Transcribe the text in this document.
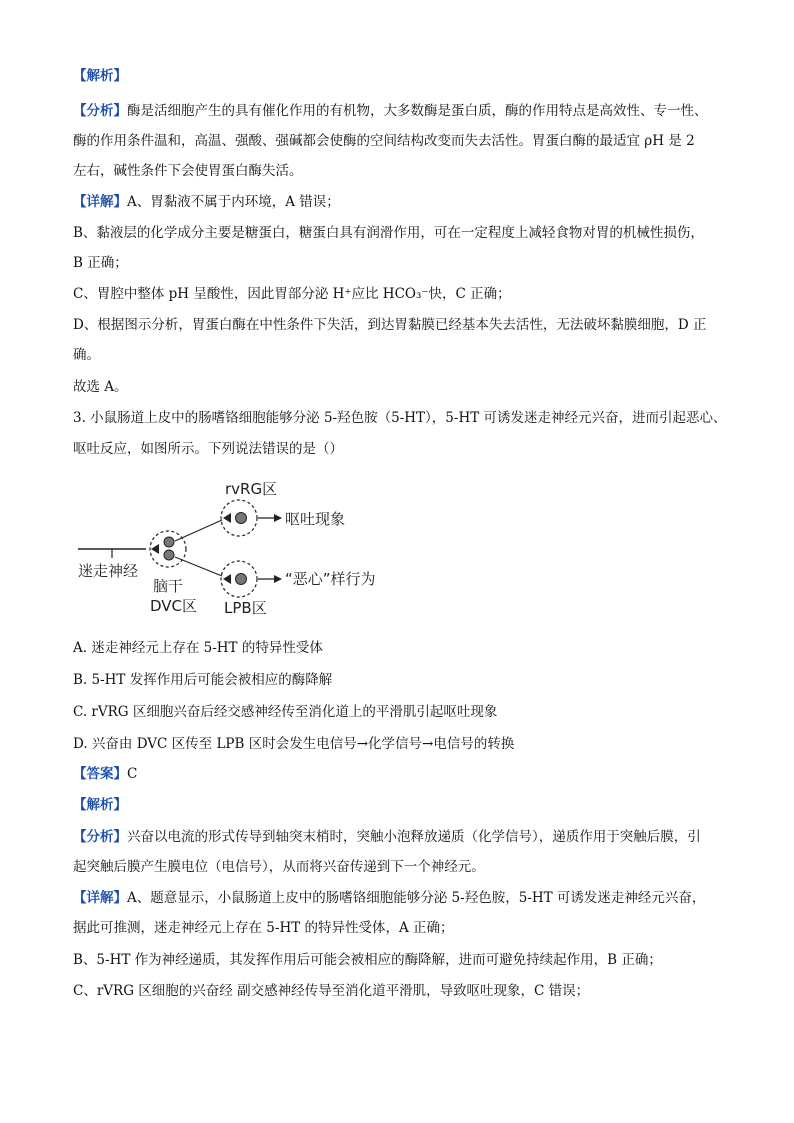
【解析】
【分析】酶是活细胞产生的具有催化作用的有机物，大多数酶是蛋白质，酶的作用特点是高效性、专一性、
酶的作用条件温和，高温、强酸、强碱都会使酶的空间结构改变而失去活性。胃蛋白酶的最适宜 ρH 是 2
左右，碱性条件下会使胃蛋白酶失活。
【详解】A、胃黏液不属于内环境，A 错误；
B、黏液层的化学成分主要是糖蛋白，糖蛋白具有润滑作用，可在一定程度上减轻食物对胃的机械性损伤，
B 正确；
C、胃腔中整体 pH 呈酸性，因此胃部分泌 H⁺应比 HCO₃⁻快，C 正确；
D、根据图示分析，胃蛋白酶在中性条件下失活，到达胃黏膜已经基本失去活性，无法破坏黏膜细胞，D 正
确。
故选 A。
3. 小鼠肠道上皮中的肠嗜铬细胞能够分泌 5-羟色胺（5-HT），5-HT 可诱发迷走神经元兴奋，进而引起恶心、
呕吐反应，如图所示。下列说法错误的是（）
rvRG区
呕吐现象
迷走神经
脑干
DVC区 LPB区
“恶心”样行为
A. 迷走神经元上存在 5-HT 的特异性受体
B. 5-HT 发挥作用后可能会被相应的酶降解
C. rVRG 区细胞兴奋后经交感神经传至消化道上的平滑肌引起呕吐现象
D. 兴奋由 DVC 区传至 LPB 区时会发生电信号→化学信号→电信号的转换
【答案】C
【解析】
【分析】兴奋以电流的形式传导到轴突末梢时，突触小泡释放递质（化学信号），递质作用于突触后膜，引
起突触后膜产生膜电位（电信号），从而将兴奋传递到下一个神经元。
【详解】A、题意显示，小鼠肠道上皮中的肠嗜铬细胞能够分泌 5-羟色胺，5-HT 可诱发迷走神经元兴奋，
据此可推测，迷走神经元上存在 5-HT 的特异性受体，A 正确；
B、5-HT 作为神经递质，其发挥作用后可能会被相应的酶降解，进而可避免持续起作用，B 正确；
C、rVRG 区细胞的兴奋经 副交感神经传导至消化道平滑肌，导致呕吐现象，C 错误；
